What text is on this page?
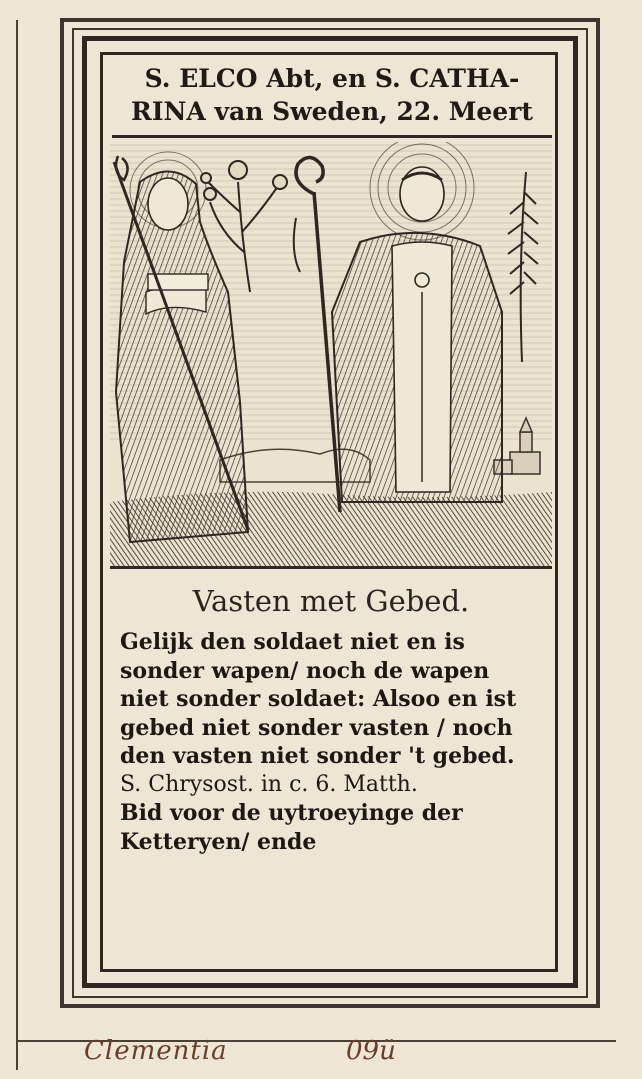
S. ELCO Abt, en S. CATHA-
RINA van Sweden, 22. Meert
Vasten met Gebed.
Gelijk den soldaet niet en is
sonder wapen/ noch de wapen
niet sonder soldaet: Alsoo en ist
gebed niet sonder vasten / noch
den vasten niet sonder 't gebed.
S. Chrysost. in c. 6. Matth.
Bid voor de uytroeyinge der
Ketteryen/ ende
Clementia	09ü
